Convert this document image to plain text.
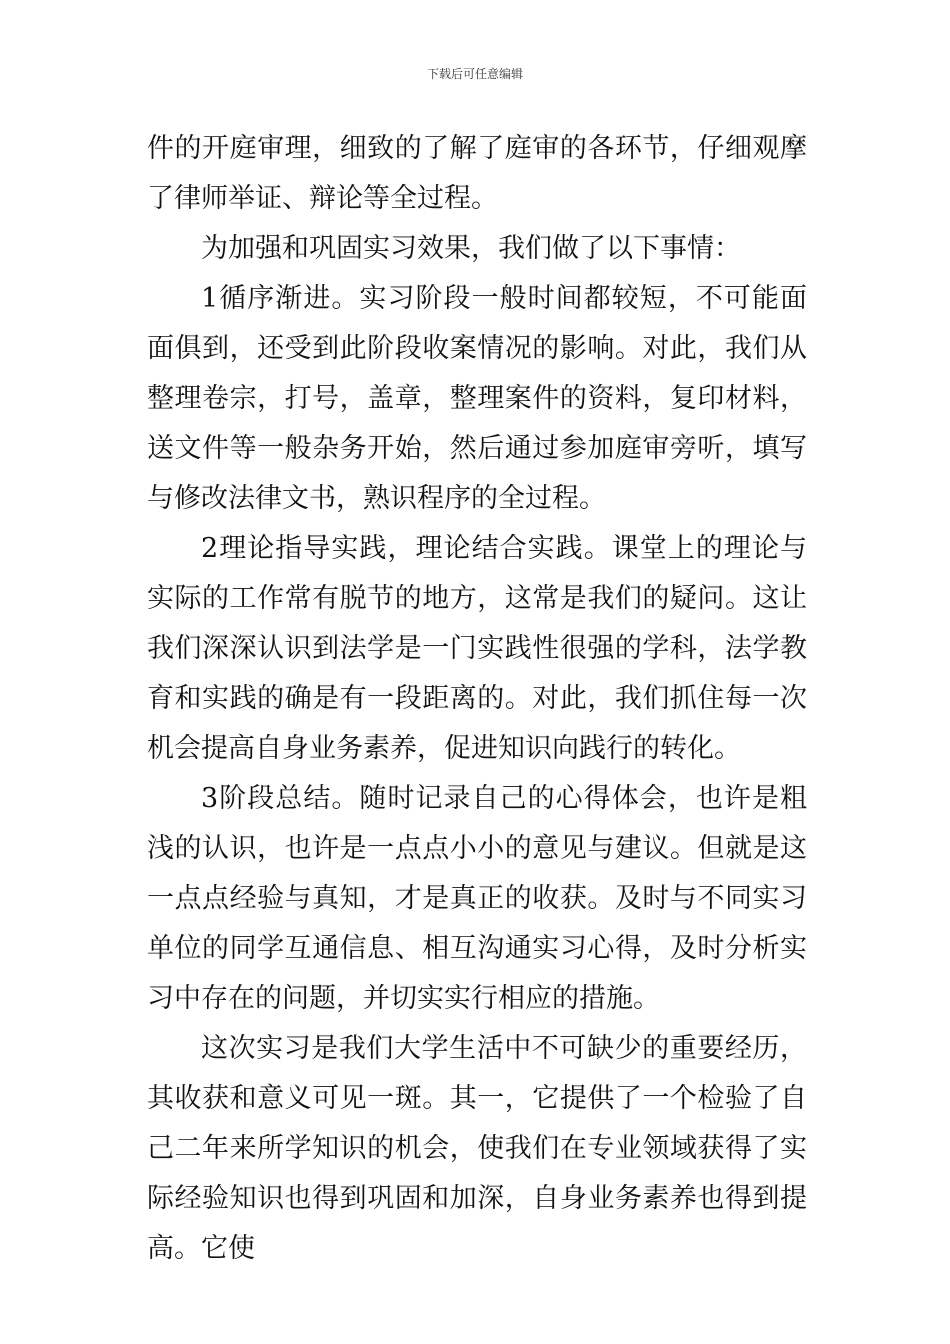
下载后可任意编辑

件的开庭审理，细致的了解了庭审的各环节，仔细观摩了律师举证、辩论等全过程。

为加强和巩固实习效果，我们做了以下事情：

1循序渐进。实习阶段一般时间都较短，不可能面面俱到，还受到此阶段收案情况的影响。对此，我们从整理卷宗，打号，盖章，整理案件的资料，复印材料，送文件等一般杂务开始，然后通过参加庭审旁听，填写与修改法律文书，熟识程序的全过程。

2理论指导实践，理论结合实践。课堂上的理论与实际的工作常有脱节的地方，这常是我们的疑问。这让我们深深认识到法学是一门实践性很强的学科，法学教育和实践的确是有一段距离的。对此，我们抓住每一次机会提高自身业务素养，促进知识向践行的转化。

3阶段总结。随时记录自己的心得体会，也许是粗浅的认识，也许是一点点小小的意见与建议。但就是这一点点经验与真知，才是真正的收获。及时与不同实习单位的同学互通信息、相互沟通实习心得，及时分析实习中存在的问题，并切实实行相应的措施。

这次实习是我们大学生活中不可缺少的重要经历，其收获和意义可见一斑。其一，它提供了一个检验了自己二年来所学知识的机会，使我们在专业领域获得了实际经验知识也得到巩固和加深，自身业务素养也得到提高。它使
